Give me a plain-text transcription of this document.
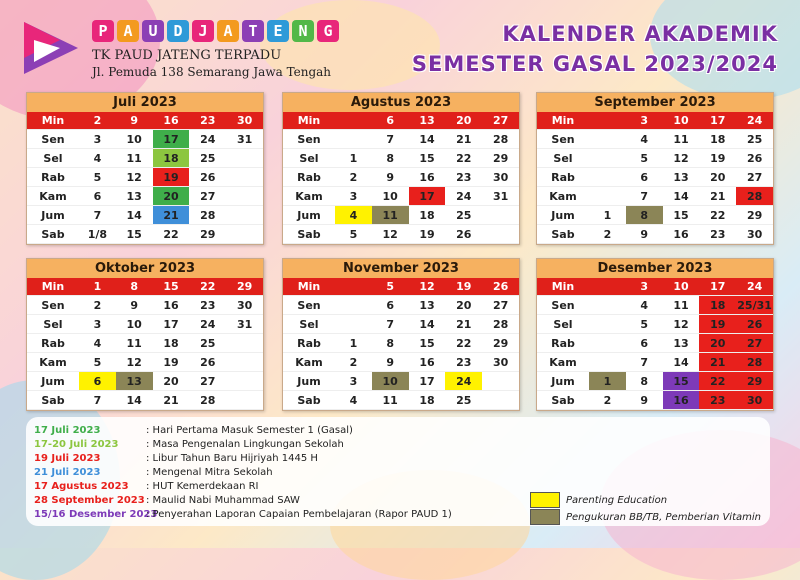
P	A	U	D	J	A	T	E	N	G
TK PAUD JATENG TERPADU
Jl. Pemuda 138 Semarang Jawa Tengah
KALENDER AKADEMIK
SEMESTER GASAL 2023/2024
Juli 2023
Min	2	9	16	23	30
Sen	3	10	17	24	31
Sel	4	11	18	25	
Rab	5	12	19	26	
Kam	6	13	20	27	
Jum	7	14	21	28	
Sab	1/8	15	22	29	
Agustus 2023
Min		6	13	20	27
Sen		7	14	21	28
Sel	1	8	15	22	29
Rab	2	9	16	23	30
Kam	3	10	17	24	31
Jum	4	11	18	25	
Sab	5	12	19	26	
September 2023
Min		3	10	17	24
Sen		4	11	18	25
Sel		5	12	19	26
Rab		6	13	20	27
Kam		7	14	21	28
Jum	1	8	15	22	29
Sab	2	9	16	23	30
Oktober 2023
Min	1	8	15	22	29
Sen	2	9	16	23	30
Sel	3	10	17	24	31
Rab	4	11	18	25	
Kam	5	12	19	26	
Jum	6	13	20	27	
Sab	7	14	21	28	
November 2023
Min		5	12	19	26
Sen		6	13	20	27
Sel		7	14	21	28
Rab	1	8	15	22	29
Kam	2	9	16	23	30
Jum	3	10	17	24	
Sab	4	11	18	25	
Desember 2023
Min		3	10	17	24
Sen		4	11	18	25/31
Sel		5	12	19	26
Rab		6	13	20	27
Kam		7	14	21	28
Jum	1	8	15	22	29
Sab	2	9	16	23	30
17 Juli 2023	: Hari Pertama Masuk Semester 1 (Gasal)
17-20 Juli 2023	: Masa Pengenalan Lingkungan Sekolah
19 Juli 2023	: Libur Tahun Baru Hijriyah 1445 H
21 Juli 2023	: Mengenal Mitra Sekolah
17 Agustus 2023 : HUT Kemerdekaan RI
28 September 2023 : Maulid Nabi Muhammad SAW
15/16 Desember 2023
: Penyerahan Laporan Capaian Pembelajaran (Rapor PAUD 1)
Parenting Education
Pengukuran BB/TB, Pemberian Vitamin
